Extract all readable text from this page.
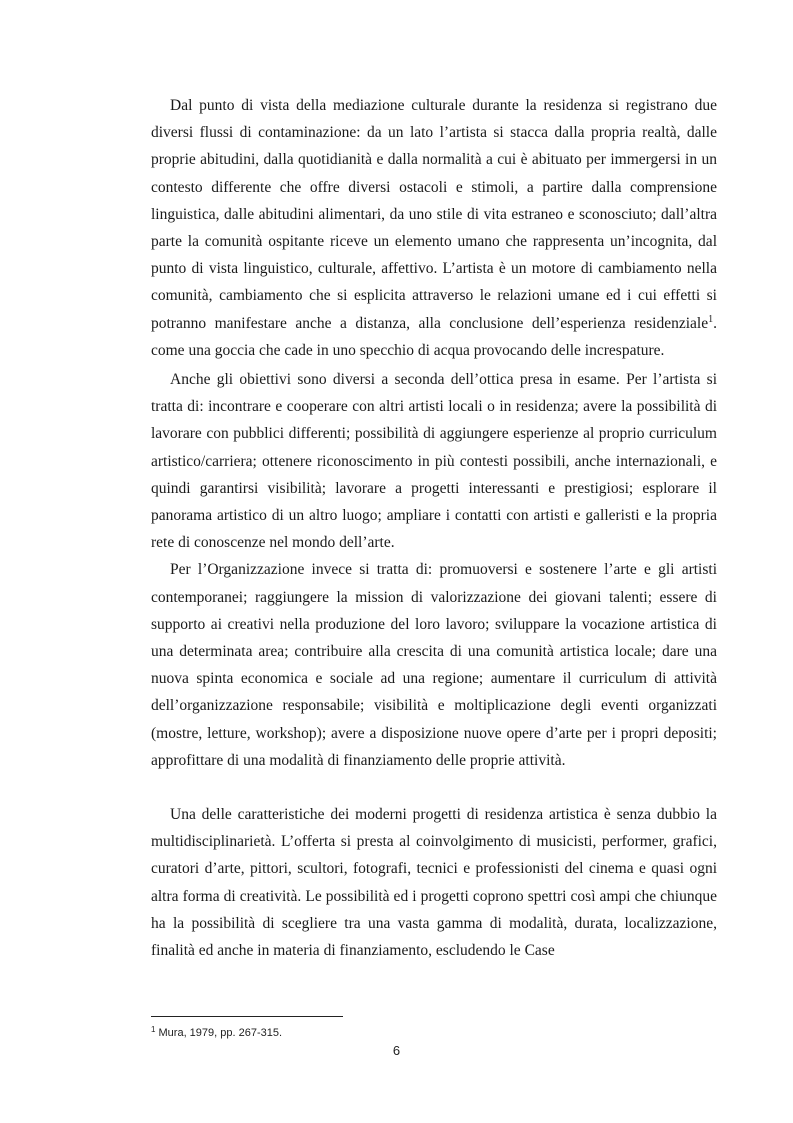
Dal punto di vista della mediazione culturale durante la residenza si registrano due diversi flussi di contaminazione: da un lato l’artista si stacca dalla propria realtà, dalle proprie abitudini, dalla quotidianità e dalla normalità a cui è abituato per immergersi in un contesto differente che offre diversi ostacoli e stimoli, a partire dalla comprensione linguistica, dalle abitudini alimentari, da uno stile di vita estraneo e sconosciuto; dall’altra parte la comunità ospitante riceve un elemento umano che rappresenta un’incognita, dal punto di vista linguistico, culturale, affettivo. L’artista è un motore di cambiamento nella comunità, cambiamento che si esplicita attraverso le relazioni umane ed i cui effetti si potranno manifestare anche a distanza, alla conclusione dell’esperienza residenziale$^1$. come una goccia che cade in uno specchio di acqua provocando delle increspature.

Anche gli obiettivi sono diversi a seconda dell’ottica presa in esame. Per l’artista si tratta di: incontrare e cooperare con altri artisti locali o in residenza; avere la possibilità di lavorare con pubblici differenti; possibilità di aggiungere esperienze al proprio curriculum artistico/carriera; ottenere riconoscimento in più contesti possibili, anche internazionali, e quindi garantirsi visibilità; lavorare a progetti interessanti e prestigiosi; esplorare il panorama artistico di un altro luogo; ampliare i contatti con artisti e galleristi e la propria rete di conoscenze nel mondo dell’arte.

Per l’Organizzazione invece si tratta di: promuoversi e sostenere l’arte e gli artisti contemporanei; raggiungere la mission di valorizzazione dei giovani talenti; essere di supporto ai creativi nella produzione del loro lavoro; sviluppare la vocazione artistica di una determinata area; contribuire alla crescita di una comunità artistica locale; dare una nuova spinta economica e sociale ad una regione; aumentare il curriculum di attività dell’organizzazione responsabile; visibilità e moltiplicazione degli eventi organizzati (mostre, letture, workshop); avere a disposizione nuove opere d’arte per i propri depositi; approfittare di una modalità di finanziamento delle proprie attività.

Una delle caratteristiche dei moderni progetti di residenza artistica è senza dubbio la multidisciplinarietà. L’offerta si presta al coinvolgimento di musicisti, performer, grafici, curatori d’arte, pittori, scultori, fotografi, tecnici e professionisti del cinema e quasi ogni altra forma di creatività. Le possibilità ed i progetti coprono spettri così ampi che chiunque ha la possibilità di scegliere tra una vasta gamma di modalità, durata, localizzazione, finalità ed anche in materia di finanziamento, escludendo le Case

$^1$ Mura, 1979, pp. 267-315.
6
